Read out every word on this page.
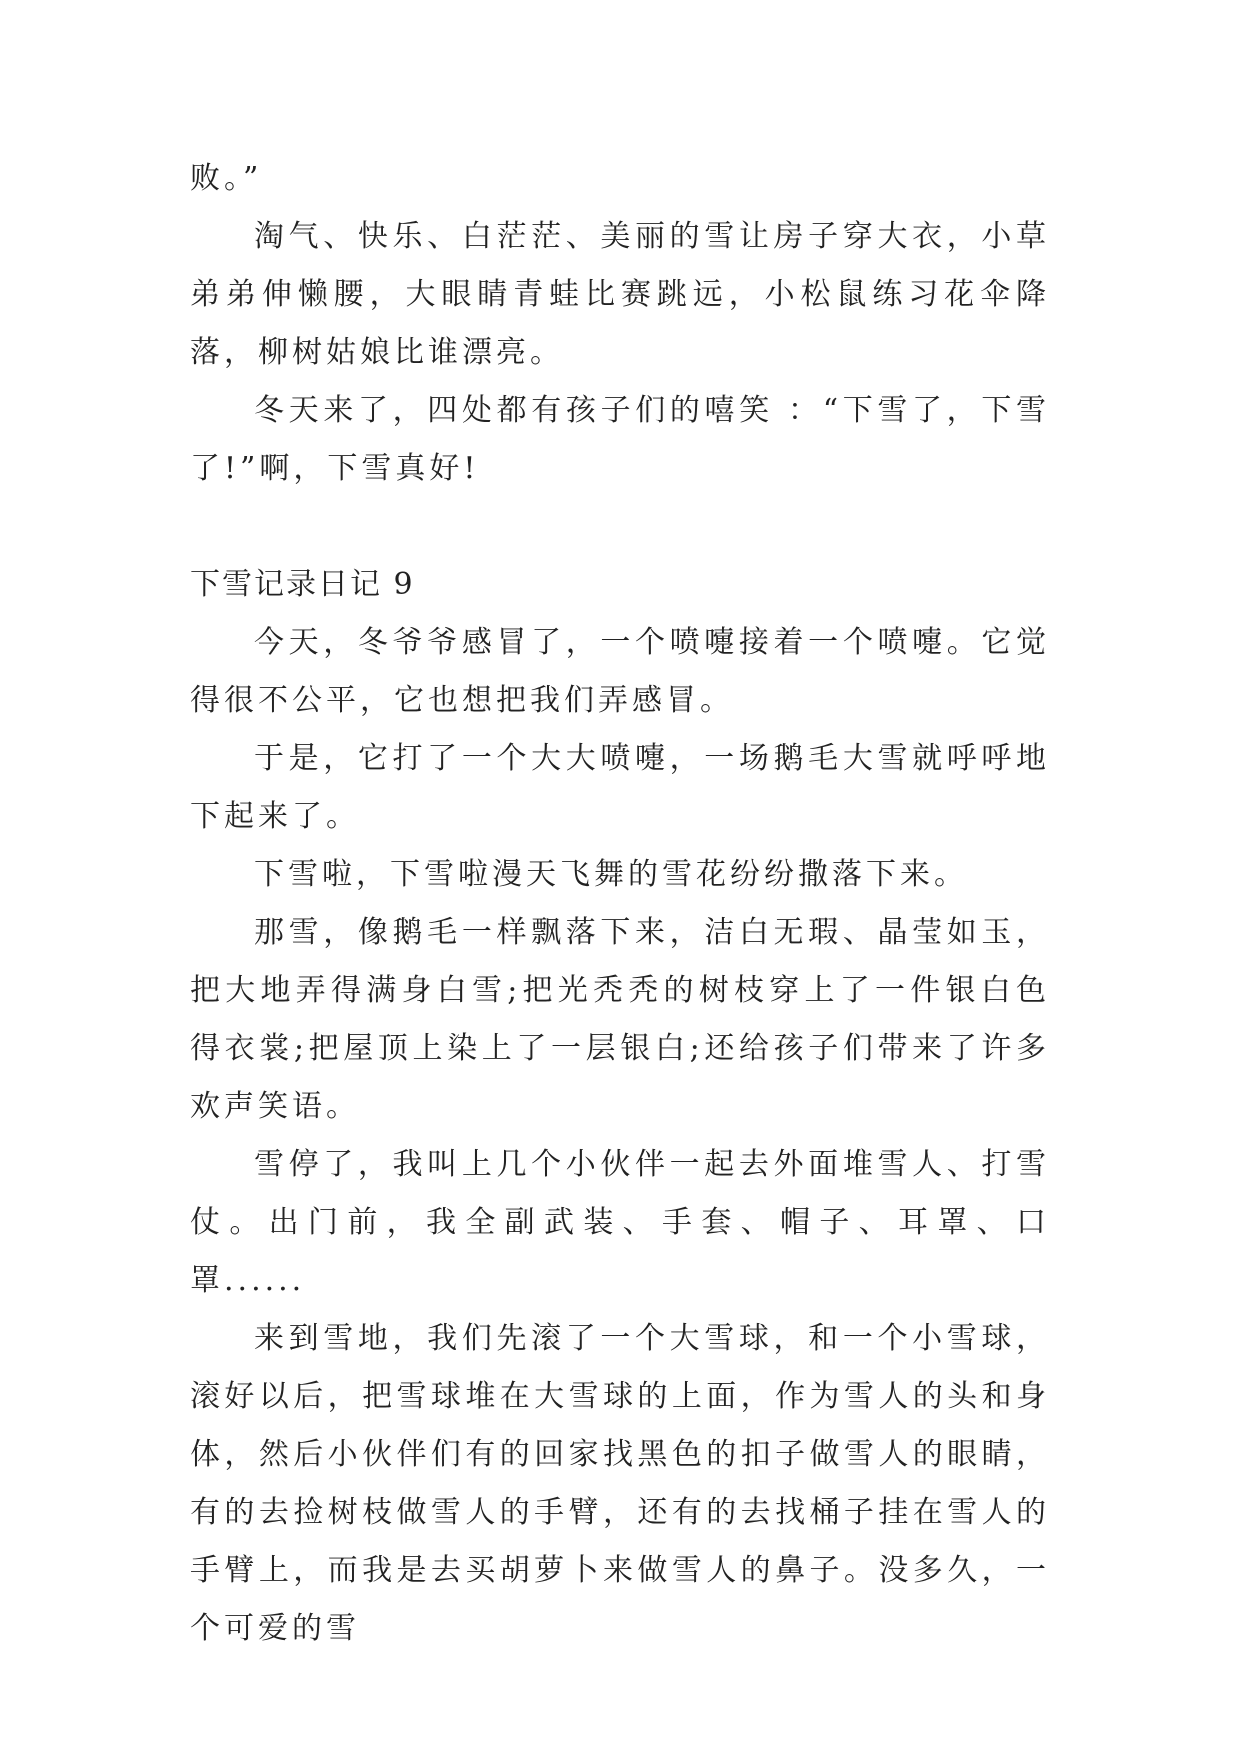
败。”

淘气、快乐、白茫茫、美丽的雪让房子穿大衣，小草弟弟伸懒腰，大眼睛青蛙比赛跳远，小松鼠练习花伞降落，柳树姑娘比谁漂亮。

冬天来了，四处都有孩子们的嘻笑 ：“下雪了，下雪了!”啊，下雪真好!

下雪记录日记 9

今天，冬爷爷感冒了，一个喷嚏接着一个喷嚏。它觉得很不公平，它也想把我们弄感冒。

于是，它打了一个大大喷嚏，一场鹅毛大雪就呼呼地下起来了。

下雪啦，下雪啦漫天飞舞的雪花纷纷撒落下来。

那雪，像鹅毛一样飘落下来，洁白无瑕、晶莹如玉，把大地弄得满身白雪;把光秃秃的树枝穿上了一件银白色得衣裳;把屋顶上染上了一层银白;还给孩子们带来了许多欢声笑语。

雪停了，我叫上几个小伙伴一起去外面堆雪人、打雪仗。出门前，我全副武装、手套、帽子、耳罩、口罩......

来到雪地，我们先滚了一个大雪球，和一个小雪球，滚好以后，把雪球堆在大雪球的上面，作为雪人的头和身体，然后小伙伴们有的回家找黑色的扣子做雪人的眼睛，有的去捡树枝做雪人的手臂，还有的去找桶子挂在雪人的手臂上，而我是去买胡萝卜来做雪人的鼻子。没多久，一个可爱的雪
